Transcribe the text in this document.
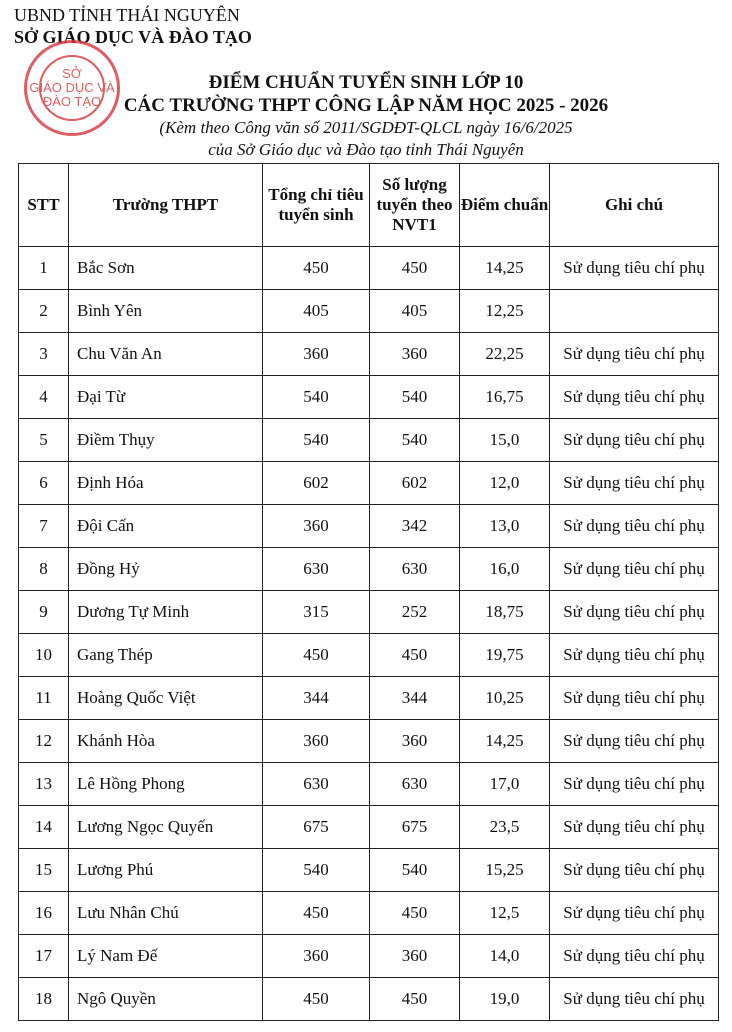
UBND TỈNH THÁI NGUYÊN
SỞ GIÁO DỤC VÀ ĐÀO TẠO
SỞ
GIÁO DỤC VÀ
ĐÀO TẠO
ĐIỂM CHUẨN TUYỂN SINH LỚP 10
CÁC TRƯỜNG THPT CÔNG LẬP NĂM HỌC 2025 - 2026
(Kèm theo Công văn số 2011/SGDĐT-QLCL ngày 16/6/2025
của Sở Giáo dục và Đào tạo tỉnh Thái Nguyên
STT	Trường THPT	Tổng chỉ tiêu tuyển sinh	Số lượng tuyển theo NVT1	Điểm chuẩn	Ghi chú
1	Bắc Sơn	450	450	14,25	Sử dụng tiêu chí phụ
2	Bình Yên	405	405	12,25	
3	Chu Văn An	360	360	22,25	Sử dụng tiêu chí phụ
4	Đại Từ	540	540	16,75	Sử dụng tiêu chí phụ
5	Điềm Thụy	540	540	15,0	Sử dụng tiêu chí phụ
6	Định Hóa	602	602	12,0	Sử dụng tiêu chí phụ
7	Đội Cấn	360	342	13,0	Sử dụng tiêu chí phụ
8	Đồng Hỷ	630	630	16,0	Sử dụng tiêu chí phụ
9	Dương Tự Minh	315	252	18,75	Sử dụng tiêu chí phụ
10	Gang Thép	450	450	19,75	Sử dụng tiêu chí phụ
11	Hoàng Quốc Việt	344	344	10,25	Sử dụng tiêu chí phụ
12	Khánh Hòa	360	360	14,25	Sử dụng tiêu chí phụ
13	Lê Hồng Phong	630	630	17,0	Sử dụng tiêu chí phụ
14	Lương Ngọc Quyến	675	675	23,5	Sử dụng tiêu chí phụ
15	Lương Phú	540	540	15,25	Sử dụng tiêu chí phụ
16	Lưu Nhân Chú	450	450	12,5	Sử dụng tiêu chí phụ
17	Lý Nam Đế	360	360	14,0	Sử dụng tiêu chí phụ
18	Ngô Quyền	450	450	19,0	Sử dụng tiêu chí phụ
